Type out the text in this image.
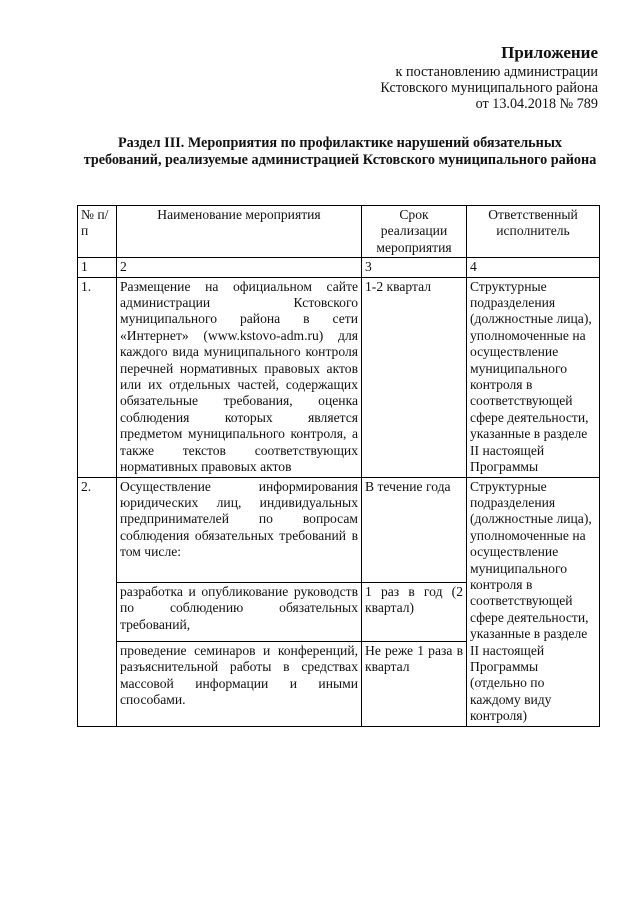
Приложение
к постановлению администрации
Кстовского муниципального района
от 13.04.2018 № 789
Раздел III. Мероприятия по профилактике нарушений обязательных требований, реализуемые администрацией Кстовского муниципального района
№ п/п	Наименование мероприятия	Срок реализации мероприятия	Ответственный исполнитель
1	2	3	4
1.	Размещение на официальном сайте администрации Кстовского муниципального района в сети «Интернет» (www.kstovo-adm.ru) для каждого вида муниципального контроля перечней нормативных правовых актов или их отдельных частей, содержащих обязательные требования, оценка соблюдения которых является предметом муниципального контроля, а также текстов соответствующих нормативных правовых актов	1-2 квартал	Структурные подразделения (должностные лица), уполномоченные на осуществление муниципального контроля в соответствующей сфере деятельности, указанные в разделе II настоящей Программы
2.	Осуществление информирования юридических лиц, индивидуальных предпринимателей по вопросам соблюдения обязательных требований в том числе:	В течение года	Структурные подразделения (должностные лица), уполномоченные на осуществление муниципального контроля в соответствующей сфере деятельности, указанные в разделе II настоящей Программы (отдельно по каждому виду контроля)
	разработка и опубликование руководств по соблюдению обязательных требований,	1 раз в год (2 квартал)	
	проведение семинаров и конференций, разъяснительной работы в средствах массовой информации и иными способами.	Не реже 1 раза в квартал	
